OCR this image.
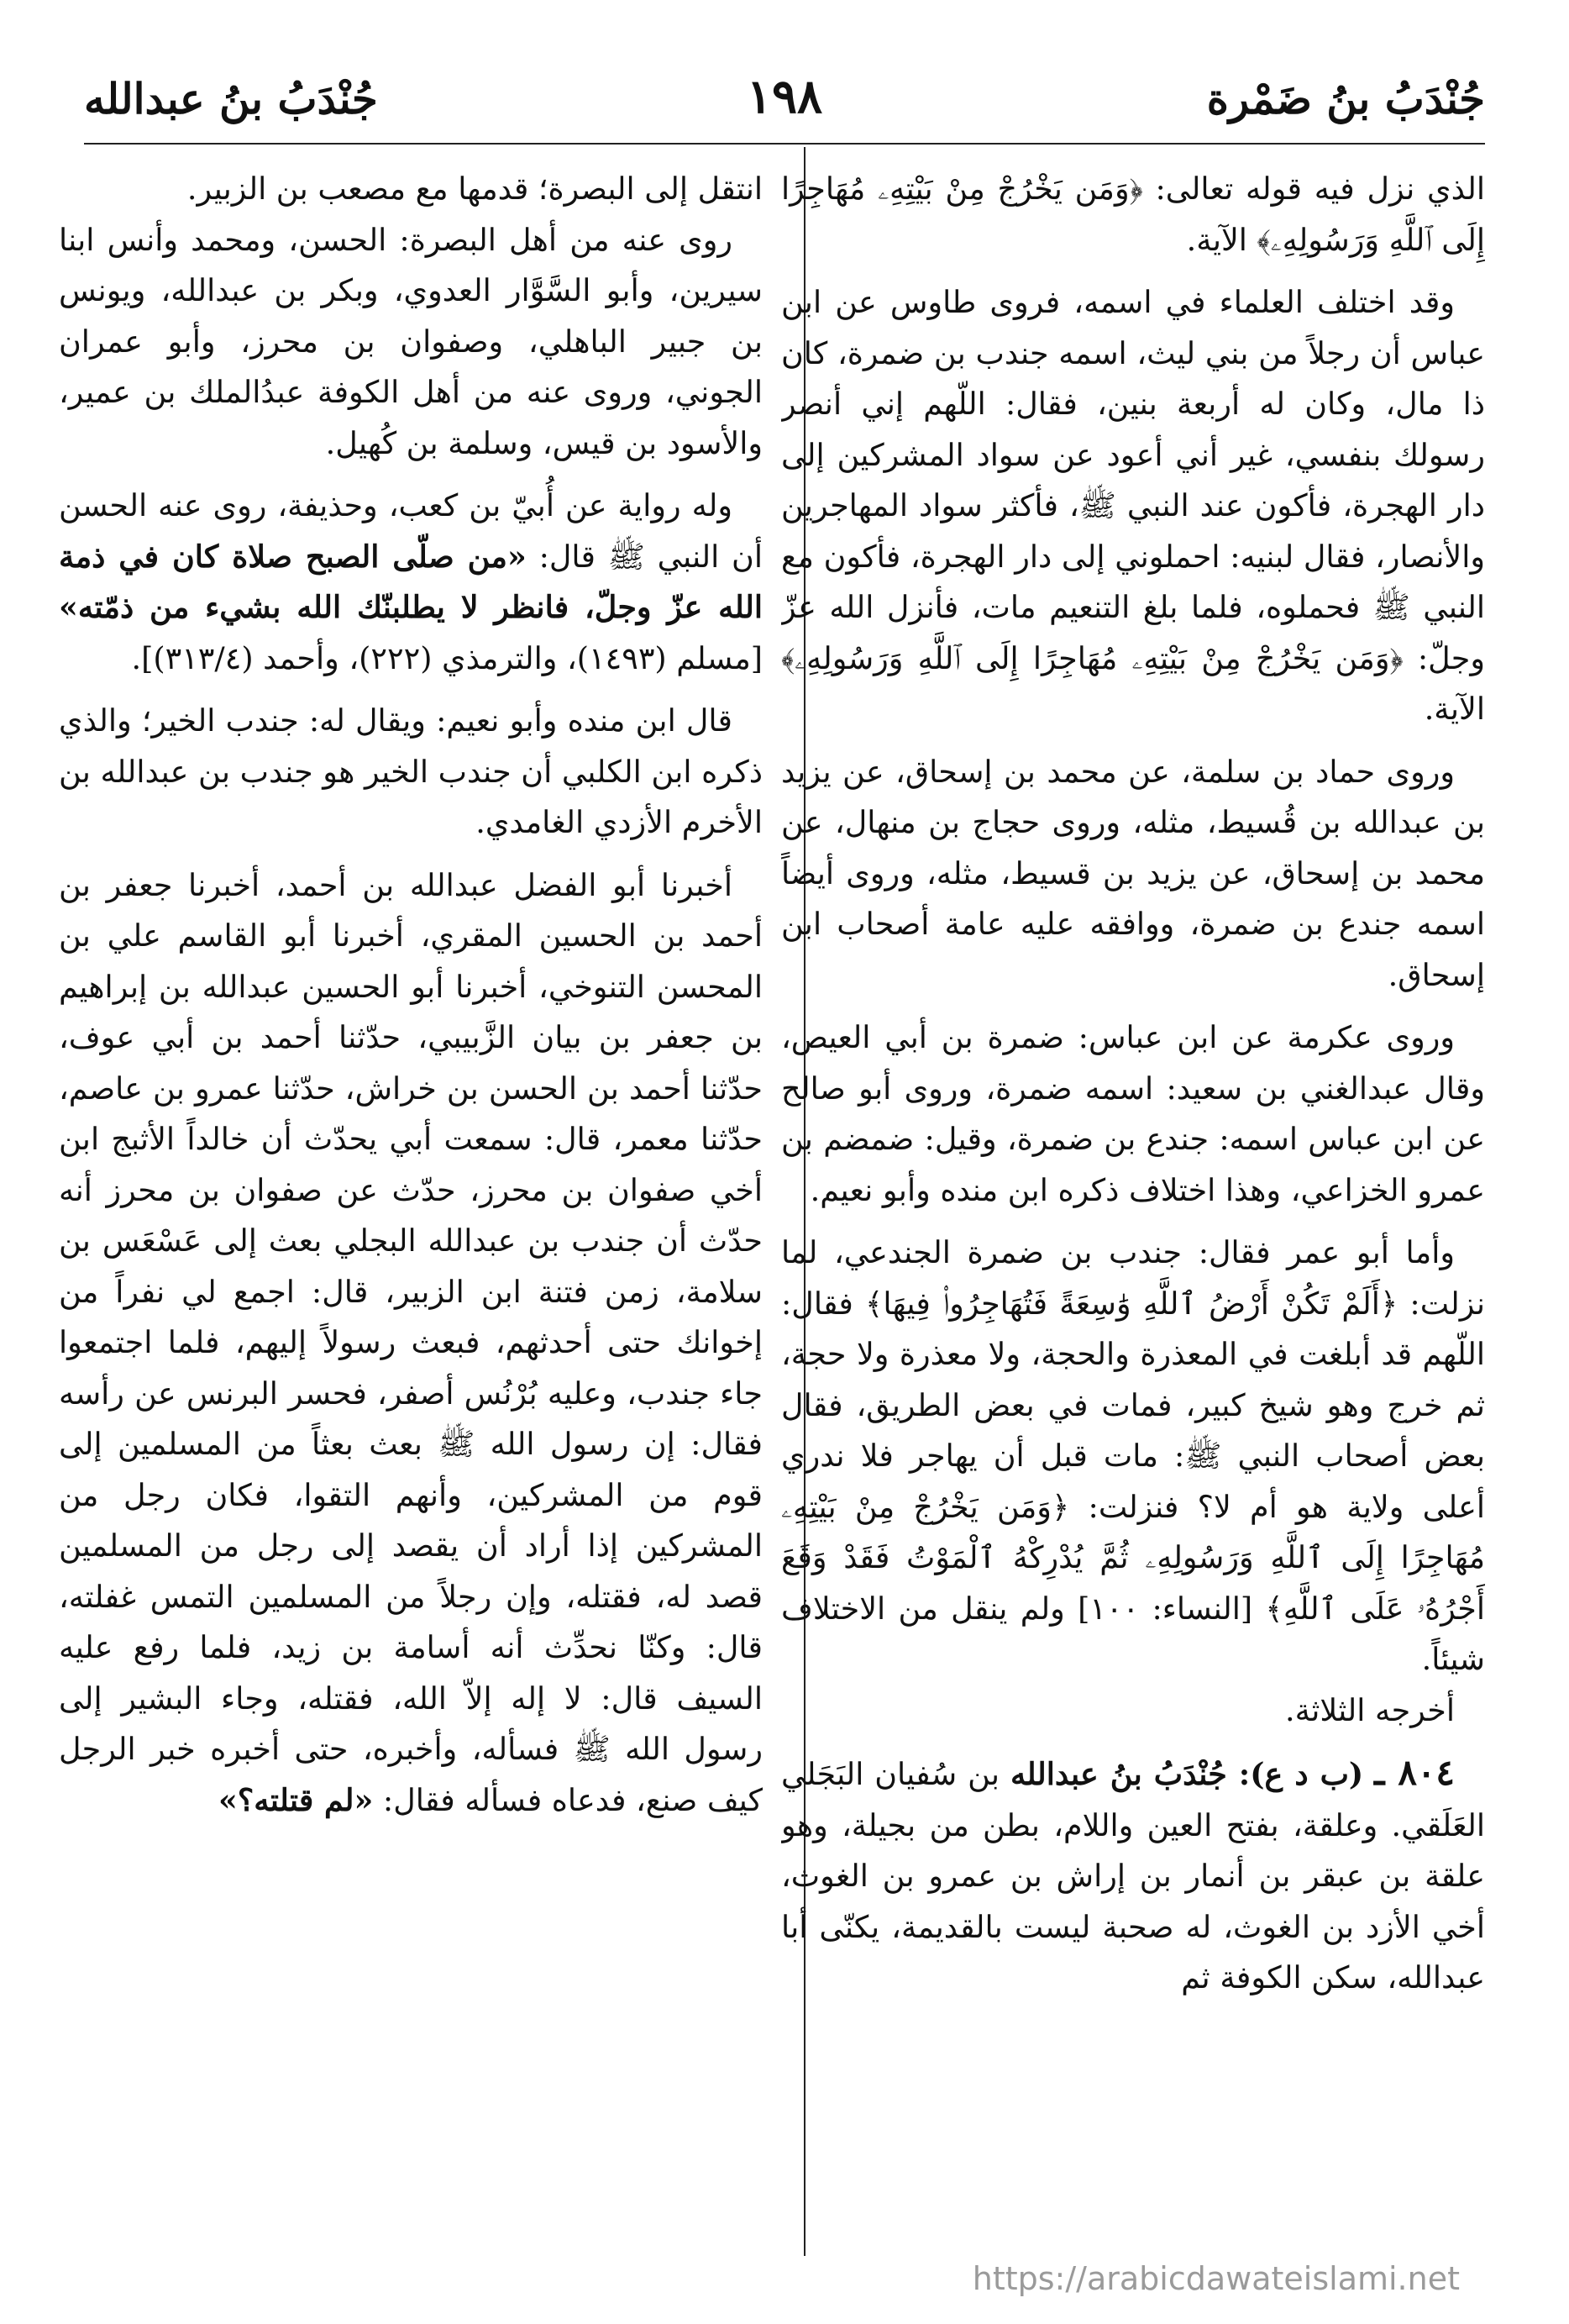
جُنْدَبُ بنُ ضَمْرة
١٩٨
جُنْدَبُ بنُ عبدالله

الذي نزل فيه قوله تعالى: ﴿وَمَن يَخْرُجْ مِنْ بَيْتِهِۦ مُهَاجِرًا إِلَى ٱللَّهِ وَرَسُولِهِۦ﴾ الآية.

وقد اختلف العلماء في اسمه، فروى طاوس عن ابن عباس أن رجلاً من بني ليث، اسمه جندب بن ضمرة، كان ذا مال، وكان له أربعة بنين، فقال: اللّهم إني أنصر رسولك بنفسي، غير أني أعود عن سواد المشركين إلى دار الهجرة، فأكون عند النبي ﷺ، فأكثر سواد المهاجرين والأنصار، فقال لبنيه: احملوني إلى دار الهجرة، فأكون مع النبي ﷺ فحملوه، فلما بلغ التنعيم مات، فأنزل الله عزّ وجلّ: ﴿وَمَن يَخْرُجْ مِنْ بَيْتِهِۦ مُهَاجِرًا إِلَى ٱللَّهِ وَرَسُولِهِۦ﴾ الآية.

وروى حماد بن سلمة، عن محمد بن إسحاق، عن يزيد بن عبدالله بن قُسيط، مثله، وروى حجاج بن منهال، عن محمد بن إسحاق، عن يزيد بن قسيط، مثله، وروى أيضاً اسمه جندع بن ضمرة، ووافقه عليه عامة أصحاب ابن إسحاق.

وروى عكرمة عن ابن عباس: ضمرة بن أبي العيص، وقال عبدالغني بن سعيد: اسمه ضمرة، وروى أبو صالح عن ابن عباس اسمه: جندع بن ضمرة، وقيل: ضمضم بن عمرو الخزاعي، وهذا اختلاف ذكره ابن منده وأبو نعيم.

وأما أبو عمر فقال: جندب بن ضمرة الجندعي، لما نزلت: ﴿أَلَمْ تَكُنْ أَرْضُ ٱللَّهِ وَٰسِعَةً فَتُهَاجِرُوا۟ فِيهَا﴾ فقال: اللّهم قد أبلغت في المعذرة والحجة، ولا معذرة ولا حجة، ثم خرج وهو شيخ كبير، فمات في بعض الطريق، فقال بعض أصحاب النبي ﷺ: مات قبل أن يهاجر فلا ندري أعلى ولاية هو أم لا؟ فنزلت: ﴿وَمَن يَخْرُجْ مِنْ بَيْتِهِۦ مُهَاجِرًا إِلَى ٱللَّهِ وَرَسُولِهِۦ ثُمَّ يُدْرِكْهُ ٱلْمَوْتُ فَقَدْ وَقَعَ أَجْرُهُۥ عَلَى ٱللَّهِ﴾ [النساء: ١٠٠] ولم ينقل من الاختلاف شيئاً.

أخرجه الثلاثة.

٨٠٤ ـ (ب د ع): جُنْدَبُ بنُ عبدالله بن سُفيان البَجَلي العَلَقي. وعلقة، بفتح العين واللام، بطن من بجيلة، وهو علقة بن عبقر بن أنمار بن إراش بن عمرو بن الغوث، أخي الأزد بن الغوث، له صحبة ليست بالقديمة، يكنّى أبا عبدالله، سكن الكوفة ثم

انتقل إلى البصرة؛ قدمها مع مصعب بن الزبير.

روى عنه من أهل البصرة: الحسن، ومحمد وأنس ابنا سيرين، وأبو السَّوَّار العدوي، وبكر بن عبدالله، ويونس بن جبير الباهلي، وصفوان بن محرز، وأبو عمران الجوني، وروى عنه من أهل الكوفة عبدُالملك بن عمير، والأسود بن قيس، وسلمة بن كُهيل.

وله رواية عن أُبيّ بن كعب، وحذيفة، روى عنه الحسن أن النبي ﷺ قال: «من صلّى الصبح صلاة كان في ذمة الله عزّ وجلّ، فانظر لا يطلبنّك الله بشيء من ذمّته» [مسلم (١٤٩٣)، والترمذي (٢٢٢)، وأحمد (٣١٣/٤)].

قال ابن منده وأبو نعيم: ويقال له: جندب الخير؛ والذي ذكره ابن الكلبي أن جندب الخير هو جندب بن عبدالله بن الأخرم الأزدي الغامدي.

أخبرنا أبو الفضل عبدالله بن أحمد، أخبرنا جعفر بن أحمد بن الحسين المقري، أخبرنا أبو القاسم علي بن المحسن التنوخي، أخبرنا أبو الحسين عبدالله بن إبراهيم بن جعفر بن بيان الزَّبيبي، حدّثنا أحمد بن أبي عوف، حدّثنا أحمد بن الحسن بن خراش، حدّثنا عمرو بن عاصم، حدّثنا معمر، قال: سمعت أبي يحدّث أن خالداً الأثبج ابن أخي صفوان بن محرز، حدّث عن صفوان بن محرز أنه حدّث أن جندب بن عبدالله البجلي بعث إلى عَسْعَس بن سلامة، زمن فتنة ابن الزبير، قال: اجمع لي نفراً من إخوانك حتى أحدثهم، فبعث رسولاً إليهم، فلما اجتمعوا جاء جندب، وعليه بُرْنُس أصفر، فحسر البرنس عن رأسه فقال: إن رسول الله ﷺ بعث بعثاً من المسلمين إلى قوم من المشركين، وأنهم التقوا، فكان رجل من المشركين إذا أراد أن يقصد إلى رجل من المسلمين قصد له، فقتله، وإن رجلاً من المسلمين التمس غفلته، قال: وكنّا نحدِّث أنه أسامة بن زيد، فلما رفع عليه السيف قال: لا إله إلاّ الله، فقتله، وجاء البشير إلى رسول الله ﷺ فسأله، وأخبره، حتى أخبره خبر الرجل كيف صنع، فدعاه فسأله فقال: «لم قتلته؟»

https://arabicdawateislami.net
